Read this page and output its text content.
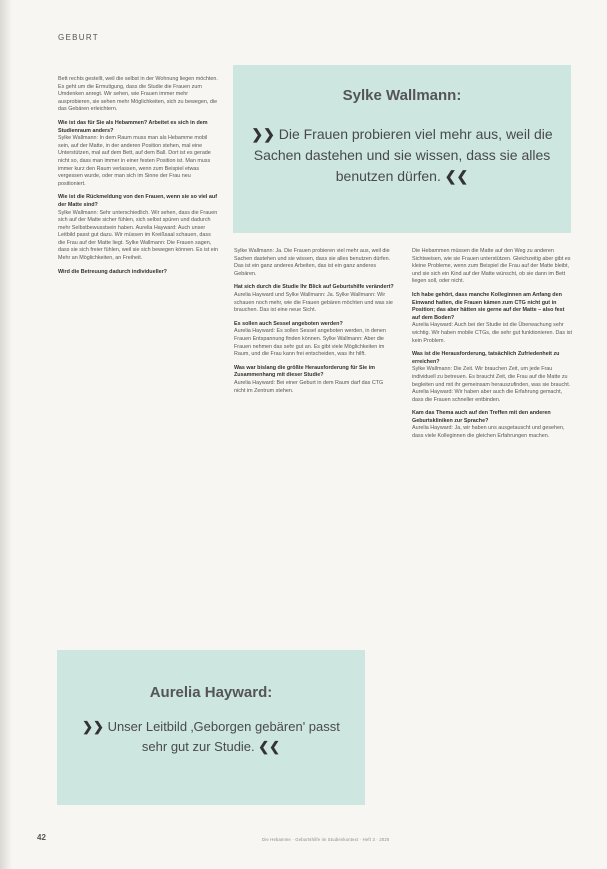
GEBURT
Sylke Wallmann:
❯❯ Die Frauen probieren viel mehr aus, weil die Sachen dastehen und sie wissen, dass sie alles benutzen dürfen. ❮❮

Bett rechts gestellt, weil die selbst in der Wohnung liegen möchten. Es geht um die Ermutigung, dass die Studie die Frauen zum Umdenken anregt. Wir sehen, wie Frauen immer mehr ausprobieren, sie sehen mehr Möglichkeiten, sich zu bewegen, die das Gebären erleichtern.

Wie ist das für Sie als Hebammen? Arbeitet es sich in dem Studienraum anders?

Sylke Wallmann: In dem Raum muss man als Hebamme mobil sein, auf der Matte, in der anderen Position stehen, mal eine Unterstützen, mal auf dem Bett, auf dem Ball. Dort ist es gerade nicht so, dass man immer in einer festen Position ist. Man muss immer kurz den Raum verlassen, wenn zum Beispiel etwas vergessen wurde, oder man sich im Sinne der Frau neu positioniert.

Wie ist die Rückmeldung von den Frauen, wenn sie so viel auf der Matte sind?

Sylke Wallmann: Sehr unterschiedlich. Wir sehen, dass die Frauen sich auf der Matte sicher fühlen, sich selbst spüren und dadurch mehr Selbstbewusstsein haben. Aurelia Hayward: Auch unser Leitbild passt gut dazu. Wir müssen im Kreißsaal schauen, dass die Frau auf der Matte liegt. Sylke Wallmann: Die Frauen sagen, dass sie sich freier fühlen, weil sie sich bewegen können. Es ist ein Mehr an Möglichkeiten, an Freiheit.

Wird die Betreuung dadurch individueller?

Sylke Wallmann: Ja. Die Frauen probieren viel mehr aus, weil die Sachen dastehen und sie wissen, dass sie alles benutzen dürfen. Das ist ein ganz anderes Arbeiten, das ist ein ganz anderes Gebären.

Hat sich durch die Studie Ihr Blick auf Geburtshilfe verändert?

Aurelia Hayward und Sylke Wallmann: Ja. Sylke Wallmann: Wir schauen noch mehr, wie die Frauen gebären möchten und was sie brauchen. Das ist eine neue Sicht.

Es sollen auch Sessel angeboten werden?

Aurelia Hayward: Es sollen Sessel angeboten werden, in denen Frauen Entspannung finden können. Sylke Wallmann: Aber die Frauen nehmen das sehr gut an. Es gibt viele Möglichkeiten im Raum, und die Frau kann frei entscheiden, was ihr hilft.

Was war bislang die größte Herausforderung für Sie im Zusammenhang mit dieser Studie?

Aurelia Hayward: Bei einer Geburt in dem Raum darf das CTG nicht im Zentrum stehen.

Die Hebammen müssen die Matte auf den Weg zu anderen Sichtweisen, wie sie Frauen unterstützen. Gleichzeitig aber gibt es kleine Probleme, wenn zum Beispiel die Frau auf der Matte bleibt, und sie sich ein Kind auf der Matte wünscht, ob sie dann im Bett liegen soll, oder nicht.

Ich habe gehört, dass manche Kolleginnen am Anfang den Einwand hatten, die Frauen kämen zum CTG nicht gut in Position; das aber hätten sie gerne auf der Matte – also fest auf dem Boden?

Aurelia Hayward: Auch bei der Studie ist die Überwachung sehr wichtig. Wir haben mobile CTGs, die sehr gut funktionieren. Das ist kein Problem.

Was ist die Herausforderung, tatsächlich Zufriedenheit zu erreichen?

Sylke Wallmann: Die Zeit. Wir brauchen Zeit, um jede Frau individuell zu betreuen. Es braucht Zeit, die Frau auf die Matte zu begleiten und mit ihr gemeinsam herauszufinden, was sie braucht. Aurelia Hayward: Wir haben aber auch die Erfahrung gemacht, dass die Frauen schneller entbinden.

Kam das Thema auch auf den Treffen mit den anderen Geburtskliniken zur Sprache?

Aurelia Hayward: Ja, wir haben uns ausgetauscht und gesehen, dass viele Kolleginnen die gleichen Erfahrungen machen.

Aurelia Hayward:
❯❯ Unser Leitbild ‚Geborgen gebären' passt sehr gut zur Studie. ❮❮
42	Die Hebamme · Geburtshilfe im Studienkontext · Heft 3 · 2020
